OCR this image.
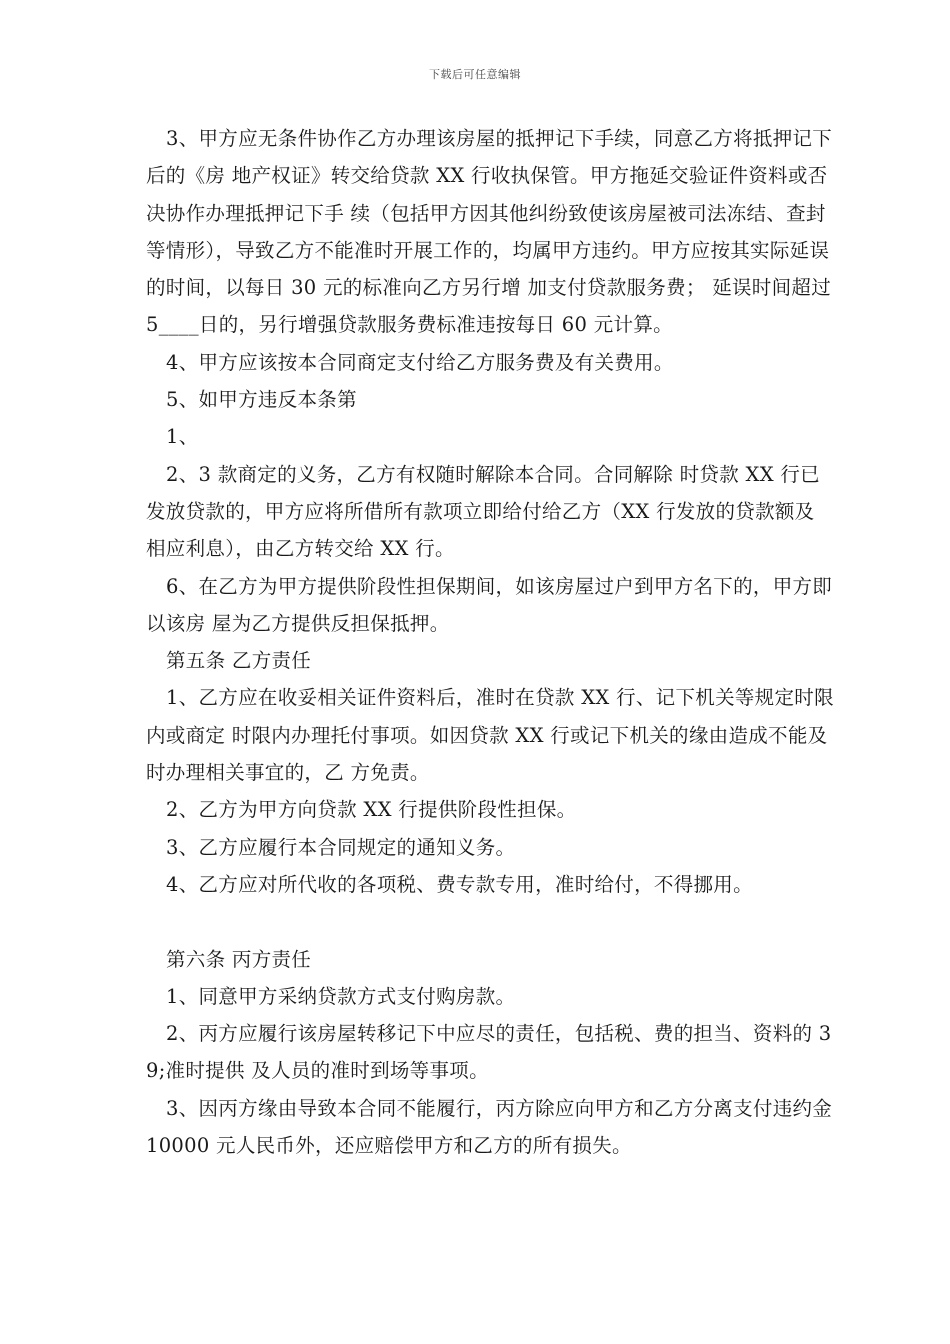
下载后可任意编辑

3、甲方应无条件协作乙方办理该房屋的抵押记下手续，同意乙方将抵押记下后的《房 地产权证》转交给贷款 XX 行收执保管。甲方拖延交验证件资料或否决协作办理抵押记下手 续（包括甲方因其他纠纷致使该房屋被司法冻结、查封等情形），导致乙方不能准时开展工作的，均属甲方违约。甲方应按其实际延误的时间，以每日 30 元的标准向乙方另行增 加支付贷款服务费； 延误时间超过 5____日的，另行增强贷款服务费标准违按每日 60 元计算。

4、甲方应该按本合同商定支付给乙方服务费及有关费用。

5、如甲方违反本条第

1、

2、3 款商定的义务，乙方有权随时解除本合同。合同解除 时贷款 XX 行已发放贷款的，甲方应将所借所有款项立即给付给乙方（XX 行发放的贷款额及 相应利息），由乙方转交给 XX 行。

6、在乙方为甲方提供阶段性担保期间，如该房屋过户到甲方名下的，甲方即以该房 屋为乙方提供反担保抵押。

第五条 乙方责任

1、乙方应在收妥相关证件资料后，准时在贷款 XX 行、记下机关等规定时限内或商定 时限内办理托付事项。如因贷款 XX 行或记下机关的缘由造成不能及时办理相关事宜的，乙 方免责。

2、乙方为甲方向贷款 XX 行提供阶段性担保。

3、乙方应履行本合同规定的通知义务。

4、乙方应对所代收的各项税、费专款专用，准时给付，不得挪用。

第六条 丙方责任

1、同意甲方采纳贷款方式支付购房款。

2、丙方应履行该房屋转移记下中应尽的责任，包括税、费的担当、资料的 39;准时提供 及人员的准时到场等事项。

3、因丙方缘由导致本合同不能履行，丙方除应向甲方和乙方分离支付违约金 10000 元人民币外，还应赔偿甲方和乙方的所有损失。
